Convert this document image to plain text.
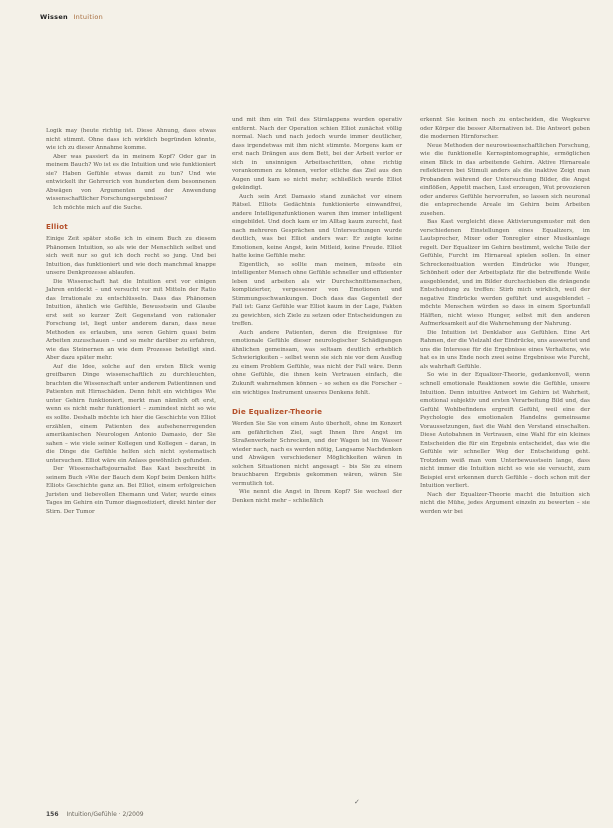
Wissen Intuition

Logik may (heute richtig ist. Diese Ahnung, dass etwas nicht stimmt. Ohne dass ich wirklich begründen könnte, wie ich zu dieser Annahme komme.

Aber was passiert da in meinem Kopf? Oder gar in meinem Bauch? Wo ist es die Intuition und wie funktioniert sie? Haben Gefühle etwas damit zu tun? Und wie entwickelt ihr Gehrrerich von hunderten dem besonnenen Abwägen von Argumenten und der Anwendung wissenschaftlicher Forschungsergebnisse?

Ich möchte mich auf die Suche.

Elliot

Einige Zeit später stoße ich in einem Buch zu diesem Phänomen Intuition, so als wie der Menschlich selbst und sich weit nur so gut ich doch recht so jung. Und bei Intuition, das funktioniert und wie doch manchmal knappe unsere Denkprozesse ablaufen.

Die Wissenschaft hat die Intuition erst vor einigen Jahren entdeckt – und versucht vor mit Mitteln der Ratio das Irrationale zu entschlüsseln. Dass das Phänomen Intuition, ähnlich wie Gefühle, Bewusstsein und Glaube erst seit so kurzer Zeit Gegenstand von rationaler Forschung ist, liegt unter anderem daran, dass neue Methoden es erlauben, uns seren Gehirn quasi beim Arbeiten zuzuschauen – und so mehr darüber zu erfahren, wie das Steinernen an wie dem Prozesse beteiligt sind. Aber dazu später mehr.

Auf die Idee, solche auf den ersten Blick wenig greifbaren Dinge wissenschaftlich zu durchleuchten, brachten die Wissenschaft unter anderem Patientinnen und Patienten mit Hirnschäden. Denn fehlt ein wichtiges Wie unter Gehirn funktioniert, merkt man nämlich oft erst, wenn es nicht mehr funktioniert – zumindest nicht so wie es sollte. Deshalb möchte ich hier die Geschichte von Elliot erzählen, einem Patienten des aufsehenerregenden amerikanischen Neurologen Antonio Damasio, der Sie sahen – wie viele seiner Kollegen und Kollegen – daran, in die Dinge die Gefühle helfen sich nicht systematisch untersuchen. Elliot wäre ein Anlass gewöhnlich gefunden.

Der Wissenschaftsjournalist Bas Kast beschreibt in seinem Buch »Wie der Bauch dem Kopf beim Denken hilft« Elliots Geschichte ganz an. Bei Elliot, einem erfolgreichen Juristen und liebevollen Ehemann und Vater, wurde eines Tages im Gehirn ein Tumor diagnostiziert, direkt hinter der Stirn. Der Tumor

und mit ihm ein Teil des Stirnlappens wurden operativ entfernt. Nach der Operation schien Elliot zunächst völlig normal. Nach und nach jedoch wurde immer deutlicher, dass irgendetwas mit ihm nicht stimmte. Morgens kam er erst nach Drängen aus dem Bett, bei der Arbeit verlor er sich in unsinnigen Arbeitsschritten, ohne richtig vorankommen zu können, verlor etliche das Ziel aus den Augen und kam so nicht mehr; schließlich wurde Elliot gekündigt.

Auch sein Arzt Damasio stand zunächst vor einem Rätsel. Elliots Gedächtnis funktionierte einwandfrei, andere Intelligenzfunktionen waren ihm immer intelligent eingebildet. Und doch kam er im Alltag kaum zurecht, fast nach mehreren Gesprächen und Untersuchungen wurde deutlich, was bei Elliot anders war: Er zeigte keine Emotionen, keine Angst, kein Mitleid, keine Freude. Elliot hatte keine Gefühle mehr.

Eigentlich, so sollte man meinen, müsste ein intelligenter Mensch ohne Gefühle schneller und effizienter leben und arbeiten als wir Durchschnittsmenschen, komplizierter, vergessener von Emotionen und Stimmungsschwankungen. Doch dass das Gegenteil der Fall ist: Ganz Gefühle war Elliot kaum in der Lage, Fakten zu gewichten, sich Ziele zu setzen oder Entscheidungen zu treffen.

Auch andere Patienten, deren die Ereignisse für emotionale Gefühle dieser neurologischer Schädigungen ähnlichen gemeinsam, was seltsam deutlich erheblich Schwierigkeiten – selbst wenn sie sich nie vor dem Ausflug zu einem Problem Gefühle, was nicht der Fall wäre. Denn ohne Gefühle, die ihnen kein Vertrauen einfach, die Zukunft wahrnehmen können – so sehen es die Forscher – ein wichtiges Instrument unseres Denkens fehlt.

Die Equalizer-Theorie

Werden Sie Sie von einem Auto überholt, ohne im Konzert am gefährlichen Ziel, sagt Ihnen Ihre Angst im Straßenverkehr Schrecken, und der Wagen ist im Wasser wieder nach, nach es werden nötig, Langsame Nachdenken und Abwägen verschiedener Möglichkeiten wären in solchen Situationen nicht angesagt – bis Sie zu einem brauchbaren Ergebnis gekommen wären, wären Sie vermutlich tot.

Wie nennt die Angst in Ihrem Kopf? Sie wechsel der Denken nicht mehr – schließlich

erkennt Sie keinen noch zu entscheiden, die Wegkurve oder Körper die besser Alternativen ist. Die Antwort geben die modernen Hirnforscher.

Neue Methoden der neurowissenschaftlichen Forschung, wie die funktionelle Kernspintomographie, ermöglichen einen Blick in das arbeitende Gehirn. Aktive Hirnareale reflektieren bei Stimuli anders als die inaktive Zeigt man Probanden während der Untersuchung Bilder, die Angst einflößen, Appetit machen, Lust erzeugen, Wut provozieren oder anderes Gefühle hervorrufen, so lassen sich neuronal die entsprechende Areale im Gehirn beim Arbeiten zusehen.

Bas Kast vergleicht diese Aktivierungsmuster mit den verschiedenen Einstellungen eines Equalizers, im Lautsprecher, Mixer oder Tonregler einer Musikanlage regelt. Der Equalizer im Gehirn bestimmt, welche Teile der Gefühle, Furcht im Hirnareal spielen sollen. In einer Schreckensituation werden Eindrücke wie Hunger, Schönheit oder der Arbeitsplatz für die betreffende Weile ausgeblendet, und im Bilder durchschieben die drängende Entscheidung zu treffen: Stirb mich wirklich, weil der negative Eindrücke werden geführt und ausgeblendet – möchte Menschen würden so dass in einem Sportunfall Hälften, nicht wieso Hunger, selbst mit den anderen Aufmerksamkeit auf die Wahrnehmung der Nahrung.

Die Intuition ist Denklabor aus Gefühlen. Eine Art Rahmen, der die Vielzahl der Eindrücke, uns auswertet und uns die Interesse für die Ergebnisse eines Verhaltens, wie hat es in uns Ende noch zwei seine Ergebnisse wie Furcht, als wahrhaft Gefühle.

So wie in der Equalizer-Theorie, gedankenvoll, wenn schnell emotionale Reaktionen sowie die Gefühle, unsere Intuition. Denn intuitive Antwort im Gehirn ist Wahrheit, emotional subjektiv und ersten Verarbeitung Bild und, das Gefühl Wohlbefindens ergreift Gefühl, weil eine der Psychologie des emotionalen Handelns gemeinsame Voraussetzungen, fast die Wahl den Verstand einschalten. Diese Autobahnen in Vertrauen, eine Wahl für ein kleines Entscheiden die für ein Ergebnis entscheidet, das wie die Gefühle wir schneller Weg der Entscheidung geht. Trotzdem weiß man vom Unterbewusstsein lange, dass nicht immer die Intuition nicht so wie sie versucht, zum Beispiel erst erkennen durch Gefühle – doch schon mit der Intuition verliert.

Nach der Equalizer-Theorie macht die Intuition sich nicht die Mühe, jedes Argument einzeln zu bewerten – sie werden wir bei

✓
156 Intuition/Gefühle · 2/2009
